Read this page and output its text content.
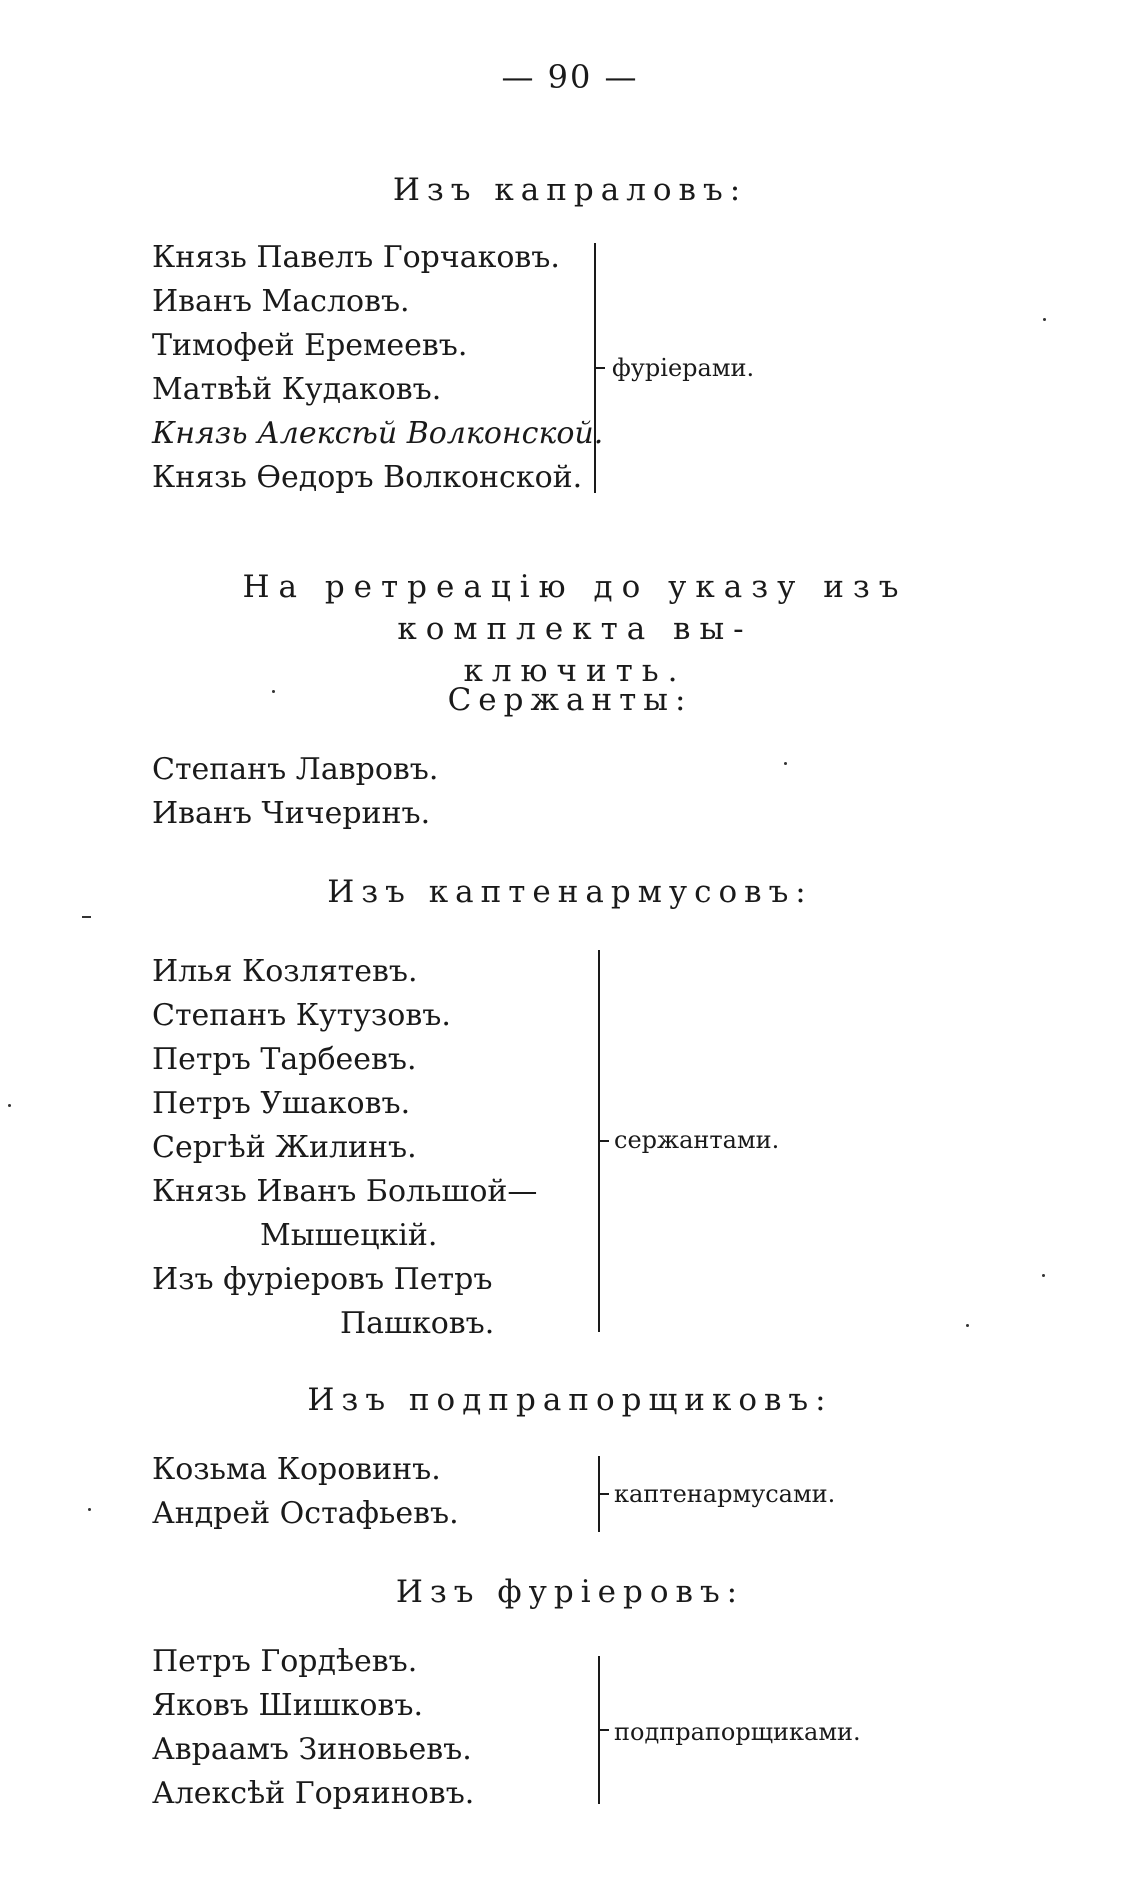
— 90 —
Изъ капраловъ:
Князь Павелъ Горчаковъ.
Иванъ Масловъ.
Тимофей Еремеевъ.
Матвѣй Кудаковъ.
Князь Алексѣй Волконской.
Князь Ѳедоръ Волконской.
фурiерами.
На ретреацiю до указу изъ комплекта вы-
ключить.
Сержанты:
Степанъ Лавровъ.
Иванъ Чичеринъ.
Изъ каптенармусовъ:
Илья Козлятевъ.
Степанъ Кутузовъ.
Петръ Тарбеевъ.
Петръ Ушаковъ.
Сергѣй Жилинъ.
Князь Иванъ Большой—
Мышецкiй.
Изъ фурiеровъ Петръ
Пашковъ.
сержантами.
Изъ подпрапорщиковъ:
Козьма Коровинъ.
Андрей Остафьевъ.
каптенармусами.
Изъ фурiеровъ:
Петръ Гордѣевъ.
Яковъ Шишковъ.
Авраамъ Зиновьевъ.
Алексѣй Горяиновъ.
подпрапорщиками.
